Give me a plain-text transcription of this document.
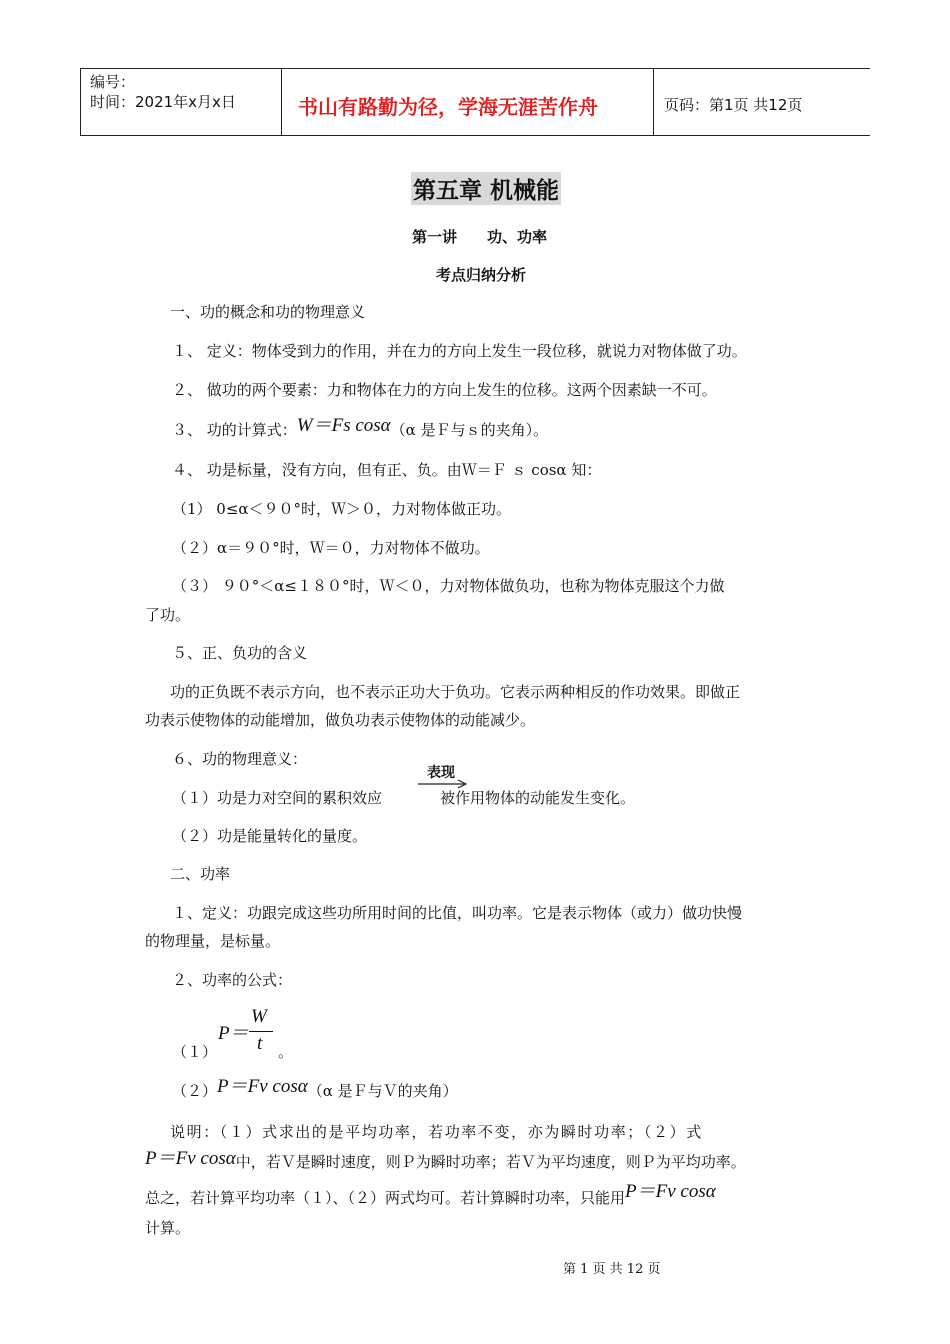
编号：
时间：2021年x月x日	书山有路勤为径，学海无涯苦作舟	页码：第1页 共12页
第五章 机械能
第一讲　　功、功率
考点归纳分析
一、功的概念和功的物理意义
１、 定义：物体受到力的作用，并在力的方向上发生一段位移，就说力对物体做了功。
２、 做功的两个要素：力和物体在力的方向上发生的位移。这两个因素缺一不可。
３、 功的计算式：W＝Fs cosα（α 是Ｆ与ｓ的夹角）。
４、 功是标量，没有方向，但有正、负。由Ｗ＝Ｆ ｓ cosα 知：
（1） 0≤α＜９０°时，Ｗ＞０，力对物体做正功。
（２）α＝９０°时，Ｗ＝０，力对物体不做功。
（３） ９０°＜α≤１８０°时，Ｗ＜０，力对物体做负功，也称为物体克服这个力做
了功。
５、正、负功的含义
功的正负既不表示方向，也不表示正功大于负功。它表示两种相反的作功效果。即做正
功表示使物体的动能增加，做负功表示使物体的动能减少。
６、功的物理意义：
（１）功是力对空间的累积效应	被作用物体的动能发生变化。
表现
（２）功是能量转化的量度。
二、功率
１、定义：功跟完成这些功所用时间的比值，叫功率。它是表示物体（或力）做功快慢
的物理量，是标量。
２、功率的公式：
（１）
P＝
W
t 。
（２）P＝Fv cosα（α 是Ｆ与Ｖ的夹角）
说明：（１）式求出的是平均功率，若功率不变，亦为瞬时功率；（２）式
P＝Fv cosα中，若Ｖ是瞬时速度，则Ｐ为瞬时功率；若Ｖ为平均速度，则Ｐ为平均功率。
总之，若计算平均功率（１）、（２）两式均可。若计算瞬时功率，只能用P＝Fv cosα
计算。
第 1 页 共 12 页
